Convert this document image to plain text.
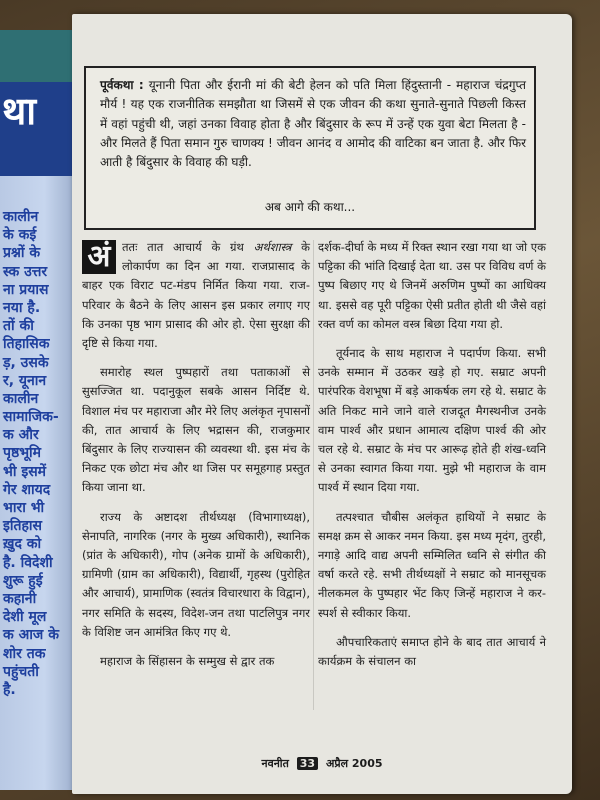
था
कालीन
के कई
प्रश्नों के
स्क उत्तर
ना प्रयास
नया है.
तों की
तिहासिक
ड़, उसके
र, यूनान
कालीन
सामाजिक-
क और
पृष्ठभूमि
भी इसमें
गेर शायद
भारा भी
इतिहास
ख़ुद को
है. विदेशी
शुरू हुई
कहानी
देशी मूल
क आज के
शोर तक
पहुंचती
है.
पूर्वकथा : यूनानी पिता और ईरानी मां की बेटी हेलन को पति मिला हिंदुस्तानी - महाराज चंद्रगुप्त मौर्य ! यह एक राजनीतिक समझौता था जिसमें से एक जीवन की कथा सुनाते-सुनाते पिछली किस्त में वहां पहुंची थी, जहां उनका विवाह होता है और बिंदुसार के रूप में उन्हें एक युवा बेटा मिलता है - और मिलते हैं पिता समान गुरु चाणक्य ! जीवन आनंद व आमोद की वाटिका बन जाता है. और फिर आती है बिंदुसार के विवाह की घड़ी.
अब आगे की कथा...

अं	ततः तात आचार्य के ग्रंथ अर्थशास्त्र के लोकार्पण का दिन आ गया. राजप्रासाद के बाहर एक विराट पट-मंडप निर्मित किया गया. राज-परिवार के बैठने के लिए आसन इस प्रकार लगाए गए कि उनका पृष्ठ भाग प्रासाद की ओर हो. ऐसा सुरक्षा की दृष्टि से किया गया.

समारोह स्थल पुष्पहारों तथा पताकाओं से सुसज्जित था. पदानुकूल सबके आसन निर्दिष्ट थे. विशाल मंच पर महाराजा और मेरे लिए अलंकृत नृपासनों की, तात आचार्य के लिए भद्रासन की, राजकुमार बिंदुसार के लिए राज्यासन की व्यवस्था थी. इस मंच के निकट एक छोटा मंच और था जिस पर समूहगाह प्रस्तुत किया जाना था.

राज्य के अष्टादश तीर्थध्यक्ष (विभागाध्यक्ष), सेनापति, नागरिक (नगर के मुख्य अधिकारी), स्थानिक (प्रांत के अधिकारी), गोप (अनेक ग्रामों के अधिकारी), ग्रामिणी (ग्राम का अधिकारी), विद्यार्थी, गृहस्थ (पुरोहित और आचार्य), प्रामाणिक (स्वतंत्र विचारधारा के विद्वान), नगर समिति के सदस्य, विदेश-जन तथा पाटलिपुत्र नगर के विशिष्ट जन आमंत्रित किए गए थे.

महाराज के सिंहासन के सम्मुख से द्वार तक

दर्शक-दीर्घा के मध्य में रिक्त स्थान रखा गया था जो एक पट्टिका की भांति दिखाई देता था. उस पर विविध वर्ण के पुष्प बिछाए गए थे जिनमें अरुणिम पुष्पों का आधिक्य था. इससे वह पूरी पट्टिका ऐसी प्रतीत होती थी जैसे वहां रक्त वर्ण का कोमल वस्त्र बिछा दिया गया हो.

तूर्यनाद के साथ महाराज ने पदार्पण किया. सभी उनके सम्मान में उठकर खड़े हो गए. सम्राट अपनी पारंपरिक वेशभूषा में बड़े आकर्षक लग रहे थे. सम्राट के अति निकट माने जाने वाले राजदूत मैगस्थनीज उनके वाम पार्श्व और प्रधान आमात्य दक्षिण पार्श्व की ओर चल रहे थे. सम्राट के मंच पर आरूढ़ होते ही शंख-ध्वनि से उनका स्वागत किया गया. मुझे भी महाराज के वाम पार्श्व में स्थान दिया गया.

तत्पश्चात चौबीस अलंकृत हाथियों ने सम्राट के समक्ष क्रम से आकर नमन किया. इस मध्य मृदंग, तुरही, नगाड़े आदि वाद्य अपनी सम्मिलित ध्वनि से संगीत की वर्षा करते रहे. सभी तीर्थध्यक्षों ने सम्राट को मानसूचक नीलकमल के पुष्पहार भेंट किए जिन्हें महाराज ने कर-स्पर्श से स्वीकार किया.

औपचारिकताएं समाप्त होने के बाद तात आचार्य ने कार्यक्रम के संचालन का

नवनीत 33 अप्रैल 2005
